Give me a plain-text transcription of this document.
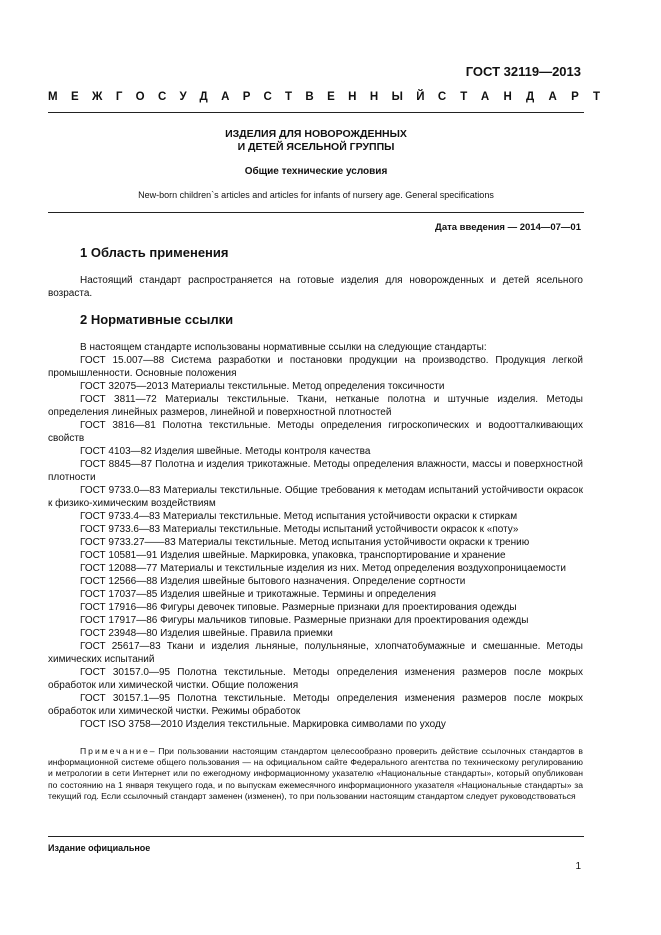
ГОСТ 32119—2013
МЕЖГОСУДАРСТВЕННЫЙ СТАНДАРТ
ИЗДЕЛИЯ ДЛЯ НОВОРОЖДЕННЫХ
И ДЕТЕЙ ЯСЕЛЬНОЙ ГРУППЫ
Общие технические условия
New-born children`s articles and articles for infants of nursery age. General specifications
Дата введения — 2014—07—01
1 Область применения

Настоящий стандарт распространяется на готовые изделия для новорожденных и детей ясельного возраста.

2 Нормативные ссылки

В настоящем стандарте использованы нормативные ссылки на следующие стандарты:

ГОСТ 15.007—88 Система разработки и постановки продукции на производство. Продукция легкой промышленности. Основные положения

ГОСТ 32075—2013 Материалы текстильные. Метод определения токсичности

ГОСТ 3811—72 Материалы текстильные. Ткани, нетканые полотна и штучные изделия. Методы определения линейных размеров, линейной и поверхностной плотностей

ГОСТ 3816—81 Полотна текстильные. Методы определения гигроскопических и водоотталкивающих свойств

ГОСТ 4103—82 Изделия швейные. Методы контроля качества

ГОСТ 8845—87 Полотна и изделия трикотажные. Методы определения влажности, массы и поверхностной плотности

ГОСТ 9733.0—83 Материалы текстильные. Общие требования к методам испытаний устойчивости окрасок к физико-химическим воздействиям

ГОСТ 9733.4—83 Материалы текстильные. Метод испытания устойчивости окраски к стиркам

ГОСТ 9733.6—83 Материалы текстильные. Методы испытаний устойчивости окрасок к «поту»

ГОСТ 9733.27——83 Материалы текстильные. Метод испытания устойчивости окраски к трению

ГОСТ 10581—91 Изделия швейные. Маркировка, упаковка, транспортирование и хранение

ГОСТ 12088—77 Материалы и текстильные изделия из них. Метод определения воздухопроницаемости

ГОСТ 12566—88 Изделия швейные бытового назначения. Определение сортности

ГОСТ 17037—85 Изделия швейные и трикотажные. Термины и определения

ГОСТ 17916—86 Фигуры девочек типовые. Размерные признаки для проектирования одежды

ГОСТ 17917—86 Фигуры мальчиков типовые. Размерные признаки для проектирования одежды

ГОСТ 23948—80 Изделия швейные. Правила приемки

ГОСТ 25617—83 Ткани и изделия льняные, полульняные, хлопчатобумажные и смешанные. Методы химических испытаний

ГОСТ 30157.0—95 Полотна текстильные. Методы определения изменения размеров после мокрых обработок или химической чистки. Общие положения

ГОСТ 30157.1—95 Полотна текстильные. Методы определения изменения размеров после мокрых обработок или химической чистки. Режимы обработок

ГОСТ ISO 3758—2010 Изделия текстильные. Маркировка символами по уходу

Примечание– При пользовании настоящим стандартом целесообразно проверить действие ссылочных стандартов в информационной системе общего пользования — на официальном сайте Федерального агентства по техническому регулированию и метрологии в сети Интернет или по ежегодному информационному указателю «Национальные стандарты», который опубликован по состоянию на 1 января текущего года, и по выпускам ежемесячного информационного указателя «Национальные стандарты» за текущий год. Если ссылочный стандарт заменен (изменен), то при пользовании настоящим стандартом следует руководствоваться

Издание официальное
1
